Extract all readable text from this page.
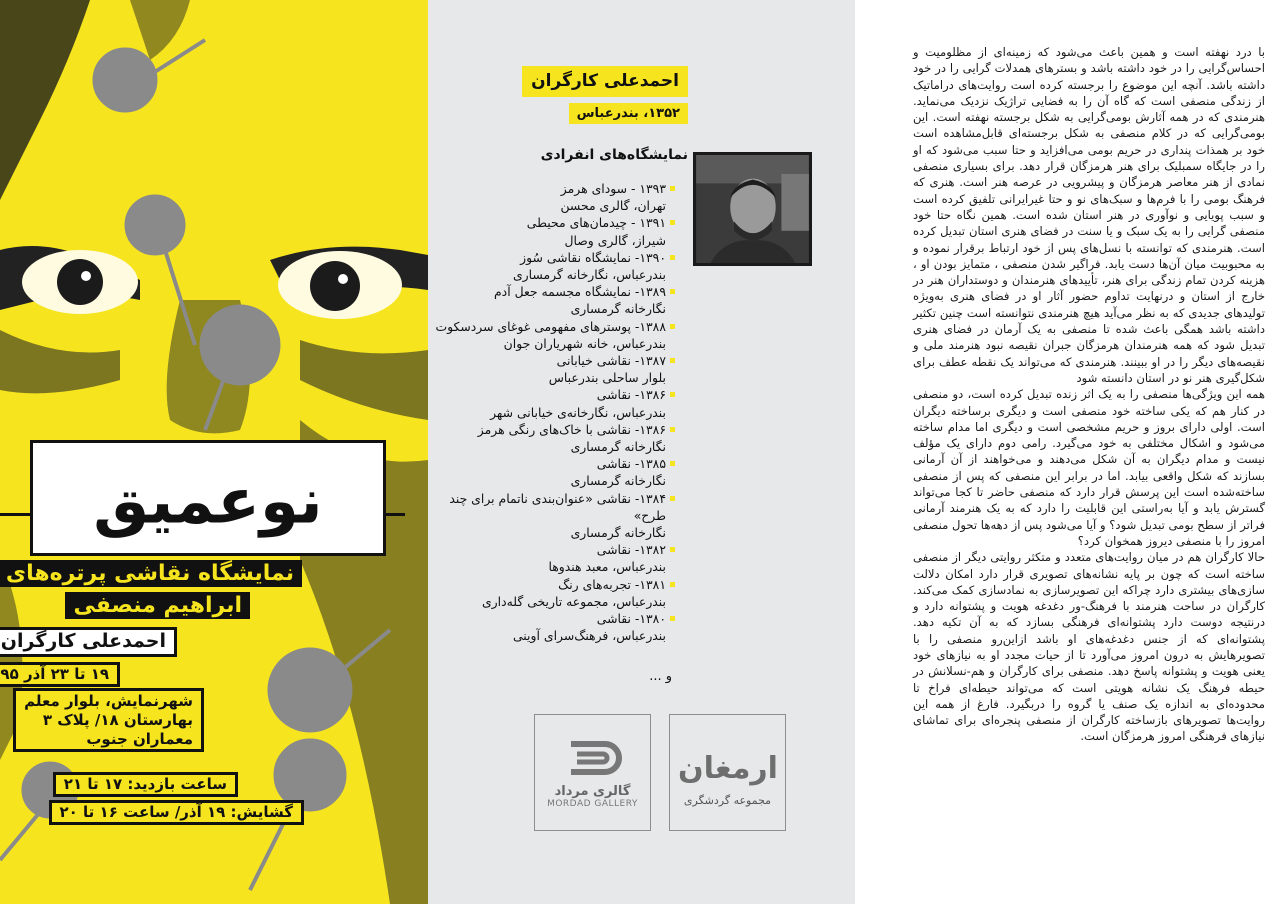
نوعمیق
نمایشگاه نقاشی پرتره‌های
ابراهیم منصفی
احمدعلی کارگران
۱۹ تا ۲۳ آذر ۹۵
شهرنمایش، بلوار معلم
بهارستان ۱۸/ پلاک ۳
معماران جنوب
ساعت بازدید: ۱۷ تا ۲۱
گشایش: ۱۹ آذر/ ساعت ۱۶ تا ۲۰
احمدعلی کارگران
۱۳۵۲، بندرعباس
نمایشگاه‌های انفرادی
۱۳۹۳ - سودای هرمز
تهران، گالری محسن
۱۳۹۱ - چیدمان‌های محیطی
شیراز، گالری وصال
۱۳۹۰- نمایشگاه نقاشی سُوز
بندرعباس، نگارخانه گرمساری
۱۳۸۹- نمایشگاه مجسمه جعل آدم
نگارخانه گرمساری
۱۳۸۸- پوسترهای مفهومی غوغای سردسکوت
بندرعباس، خانه شهریاران جوان
۱۳۸۷- نقاشی خیابانی
بلوار ساحلی بندرعباس
۱۳۸۶- نقاشی
بندرعباس، نگارخانه‌ی خیابانی شهر
۱۳۸۶- نقاشی با خاک‌های رنگی هرمز
نگارخانه گرمساری
۱۳۸۵- نقاشی
نگارخانه گرمساری
۱۳۸۴- نقاشی «عنوان‌بندی ناتمام برای چند طرح»
نگارخانه گرمساری
۱۳۸۲- نقاشی
بندرعباس، معبد هندوها
۱۳۸۱- تجربه‌های رنگ
بندرعباس، مجموعه تاریخی گله‌داری
۱۳۸۰- نقاشی
بندرعباس، فرهنگ‌سرای آوینی
و ...
ارمغان
مجموعه گردشگری
گالری مرداد
MORDAD GALLERY

با درد نهفته است و همین باعث می‌شود که زمینه‌ای از مظلومیت و احساس‌گرایی را در خود داشته باشد و بسترهای همدلات گرایی را در خود داشته باشد. آنچه این موضوع را برجسته کرده است روایت‌های دراماتیک از زندگی منصفی است که گاه آن را به فضایی تراژیک نزدیک می‌نماید. هنرمندی که در همه آثارش بومی‌گرایی به شکل برجسته نهفته است. این بومی‌گرایی که در کلام منصفی به شکل برجسته‌ای قابل‌مشاهده است خود بر همذات پنداری در حریم بومی می‌افزاید و حتا سبب می‌شود که او را در جایگاه سمبلیک برای هنر هرمزگان قرار دهد. برای بسیاری منصفی نمادی از هنر معاصر هرمزگان و پیشرویی در عرصه هنر است. هنری که فرهنگ بومی را با فرم‌ها و سبک‌های نو و حتا غیرایرانی تلفیق کرده است و سبب پویایی و نوآوری در هنر استان شده است. همین نگاه حتا خود منصفی گرایی را به یک سبک و یا سنت در فضای هنری استان تبدیل کرده است. هنرمندی که توانسته با نسل‌های پس از خود ارتباط برقرار نموده و به محبوبیت میان آن‌ها دست یابد. فراگیر شدن منصفی ، متمایز بودن او ، هزینه کردن تمام زندگی برای هنر، تأییدهای هنرمندان و دوستداران هنر در خارج از استان و درنهایت تداوم حضور آثار او در فضای هنری به‌ویژه تولیدهای جدیدی که به نظر می‌آید هیچ هنرمندی نتوانسته است چنین تکثیر داشته باشد همگی باعث شده تا منصفی به یک آرمان در فضای هنری تبدیل شود که همه هنرمندان هرمزگان جبران نقیصه نبود هنرمند ملی و نقیصه‌های دیگر را در او ببینند. هنرمندی که می‌تواند یک نقطه عطف برای شکل‌گیری هنر نو در استان دانسته شود

همه این ویژگی‌ها منصفی را به یک اثر زنده تبدیل کرده است، دو منصفی در کنار هم که یکی ساخته خود منصفی است و دیگری برساخته دیگران است. اولی دارای بروز و حریم مشخصی است و دیگری اما مدام ساخته می‌شود و اشکال مختلفی به خود می‌گیرد. رامی دوم دارای یک مؤلف نیست و مدام دیگران به آن شکل می‌دهند و می‌خواهند از آن آرمانی بسازند که شکل واقعی بیابد. اما در برابر این منصفی که پس از منصفی ساخته‌شده است این پرسش قرار دارد که منصفی حاضر تا کجا می‌تواند گسترش یابد و آیا به‌راستی این قابلیت را دارد که به یک هنرمند آرمانی فراتر از سطح بومی تبدیل شود؟ و آیا می‌شود پس از دهه‌ها تحول منصفی امروز را با منصفی دیروز همخوان کرد؟

حالا کارگران هم در میان روایت‌های متعدد و متکثر روایتی دیگر از منصفی ساخته است که چون بر پایه نشانه‌های تصویری قرار دارد امکان دلالت سازی‌های بیشتری دارد چراکه این تصویرسازی به نمادسازی کمک می‌کند. کارگران در ساحت هنرمند با فرهنگ-ور دغدغه هویت و پشتوانه دارد و درنتیجه دوست دارد پشتوانه‌ای فرهنگی بسازد که به آن تکیه دهد. پشتوانه‌ای که از جنس دغدغه‌های او باشد ازاین‌رو منصفی را با تصویرهایش به درون امروز می‌آورد تا از حیات مجدد او به نیازهای خود یعنی هویت و پشتوانه پاسخ دهد. منصفی برای کارگران و هم-نسلانش در حیطه فرهنگ یک نشانه هویتی است که می‌تواند حیطه‌ای فراخ تا محدوده‌ای به اندازه یک صنف یا گروه را دربگیرد. فارغ از همه این روایت‌ها تصویرهای بازساخته کارگران از منصفی پنجره‌ای برای تماشای نیازهای فرهنگی امروز هرمزگان است.
